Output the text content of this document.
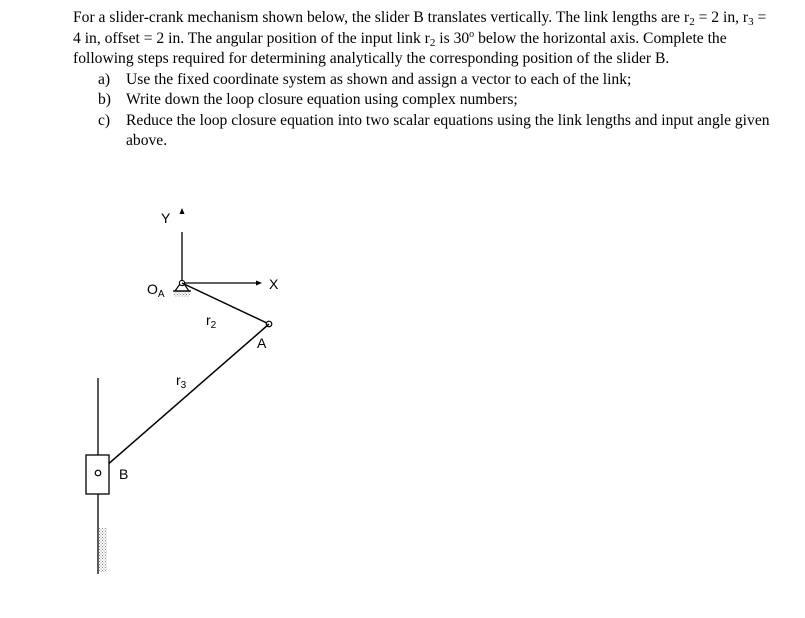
For a slider-crank mechanism shown below, the slider B translates vertically. The link lengths are $r_2 = 2$ in, $r_3 = 4$ in, offset = 2 in. The angular position of the input link $r_2$ is 30$^o$ below the horizontal axis. Complete the following steps required for determining analytically the corresponding position of the slider B.

a) Use the fixed coordinate system as shown and assign a vector to each of the link;
b) Write down the loop closure equation using complex numbers;
c) Reduce the loop closure equation into two scalar equations using the link lengths and input angle given above.
Y
X
$O_A$
$r_2$
A
$r_3$
B
